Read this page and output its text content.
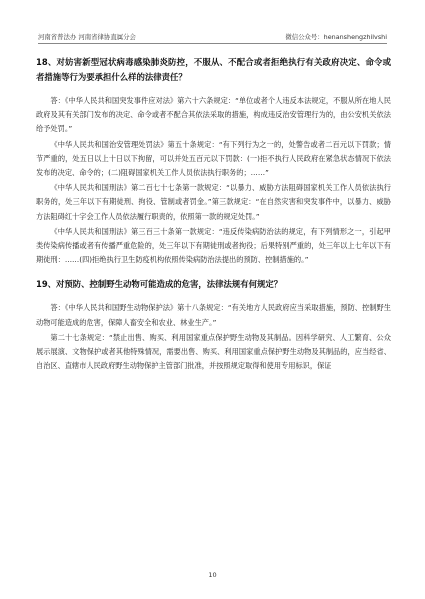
河南省普法办 河南省律协直属分会	微信公众号：henanshengzhilvshi
18、对妨害新型冠状病毒感染肺炎防控，不服从、不配合或者拒绝执行有关政府决定、命令或者措施等行为要承担什么样的法律责任？

答：《中华人民共和国突发事件应对法》第六十六条规定：“单位或者个人违反本法规定，不服从所在地人民政府及其有关部门发布的决定、命令或者不配合其依法采取的措施，构成违反治安管理行为的，由公安机关依法给予处罚。”

《中华人民共和国治安管理处罚法》第五十条规定：“有下列行为之一的，处警告或者二百元以下罚款；情节严重的，处五日以上十日以下拘留，可以并处五百元以下罚款：(一)拒不执行人民政府在紧急状态情况下依法发布的决定、命令的；(二)阻碍国家机关工作人员依法执行职务的；……”

《中华人民共和国刑法》第二百七十七条第一款规定：“以暴力、威胁方法阻碍国家机关工作人员依法执行职务的，处三年以下有期徒刑、拘役、管制或者罚金。”第三款规定：“在自然灾害和突发事件中，以暴力、威胁方法阻碍红十字会工作人员依法履行职责的，依照第一款的规定处罚。”

《中华人民共和国刑法》第三百三十条第一款规定：“违反传染病防治法的规定，有下列情形之一，引起甲类传染病传播或者有传播严重危险的，处三年以下有期徒刑或者拘役；后果特别严重的，处三年以上七年以下有期徒刑：……(四)拒绝执行卫生防疫机构依照传染病防治法提出的预防、控制措施的。”

19、对预防、控制野生动物可能造成的危害，法律法规有何规定？

答：《中华人民共和国野生动物保护法》第十八条规定：“有关地方人民政府应当采取措施，预防、控制野生动物可能造成的危害，保障人畜安全和农业、林业生产。”

第二十七条规定：“禁止出售、购买、利用国家重点保护野生动物及其制品。因科学研究、人工繁育、公众展示展演、文物保护或者其他特殊情况，需要出售、购买、利用国家重点保护野生动物及其制品的，应当经省、自治区、直辖市人民政府野生动物保护主管部门批准，并按照规定取得和使用专用标识，保证

10
